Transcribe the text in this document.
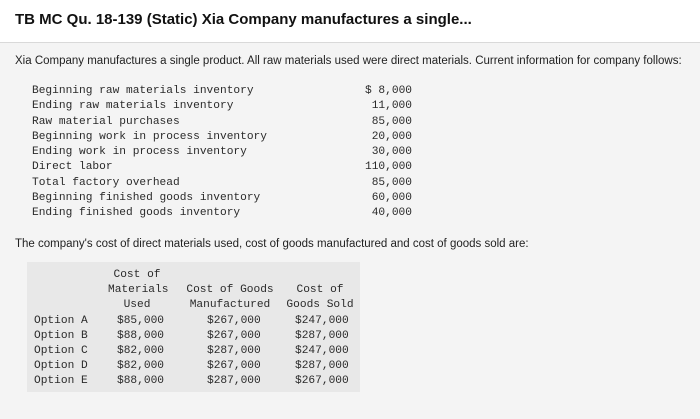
TB MC Qu. 18-139 (Static) Xia Company manufactures a single...
Xia Company manufactures a single product. All raw materials used were direct materials. Current information for company follows:
Beginning raw materials inventory	$ 8,000
Ending raw materials inventory	11,000
Raw material purchases	85,000
Beginning work in process inventory	20,000
Ending work in process inventory	30,000
Direct labor	110,000
Total factory overhead	85,000
Beginning finished goods inventory	60,000
Ending finished goods inventory	40,000
The company's cost of direct materials used, cost of goods manufactured and cost of goods sold are:
Cost of
Materials
Used
Cost of Goods
Manufactured
Cost of
Goods Sold
Option A	$85,000	$267,000	$247,000
Option B	$88,000	$267,000	$287,000
Option C	$82,000	$287,000	$247,000
Option D	$82,000	$267,000	$287,000
Option E	$88,000	$287,000	$267,000
